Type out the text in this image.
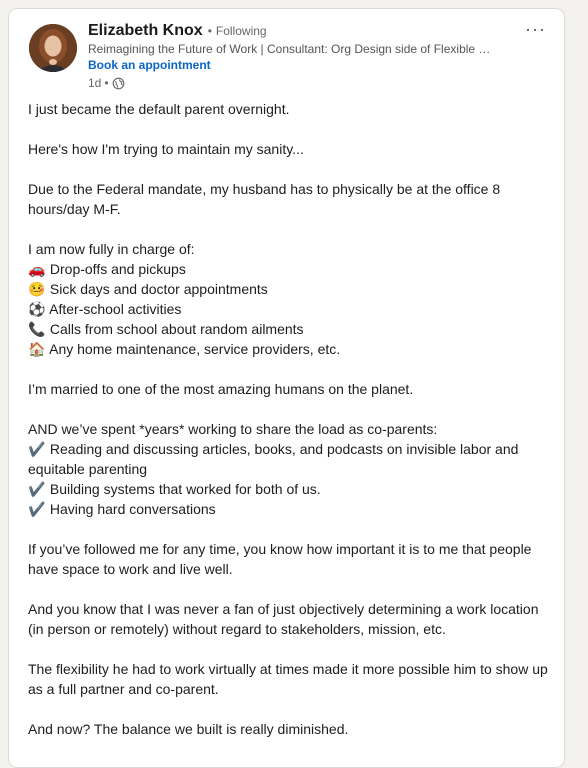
Elizabeth Knox • Following
Reimagining the Future of Work | Consultant: Org Design side of Flexible …
Book an appointment
1d •
···

I just became the default parent overnight.

Here's how I'm trying to maintain my sanity...

Due to the Federal mandate, my husband has to physically be at the office 8 hours/day M-F.

I am now fully in charge of:

🚗 Drop-offs and pickups

🤒 Sick days and doctor appointments

⚽ After-school activities

📞 Calls from school about random ailments

🏠 Any home maintenance, service providers, etc.

I’m married to one of the most amazing humans on the planet.

AND we’ve spent *years* working to share the load as co-parents:

✔️ Reading and discussing articles, books, and podcasts on invisible labor and equitable parenting

✔️ Building systems that worked for both of us.

✔️ Having hard conversations

If you’ve followed me for any time, you know how important it is to me that people have space to work and live well.

And you know that I was never a fan of just objectively determining a work location (in person or remotely) without regard to stakeholders, mission, etc.

The flexibility he had to work virtually at times made it more possible him to show up as a full partner and co-parent.

And now? The balance we built is really diminished.
